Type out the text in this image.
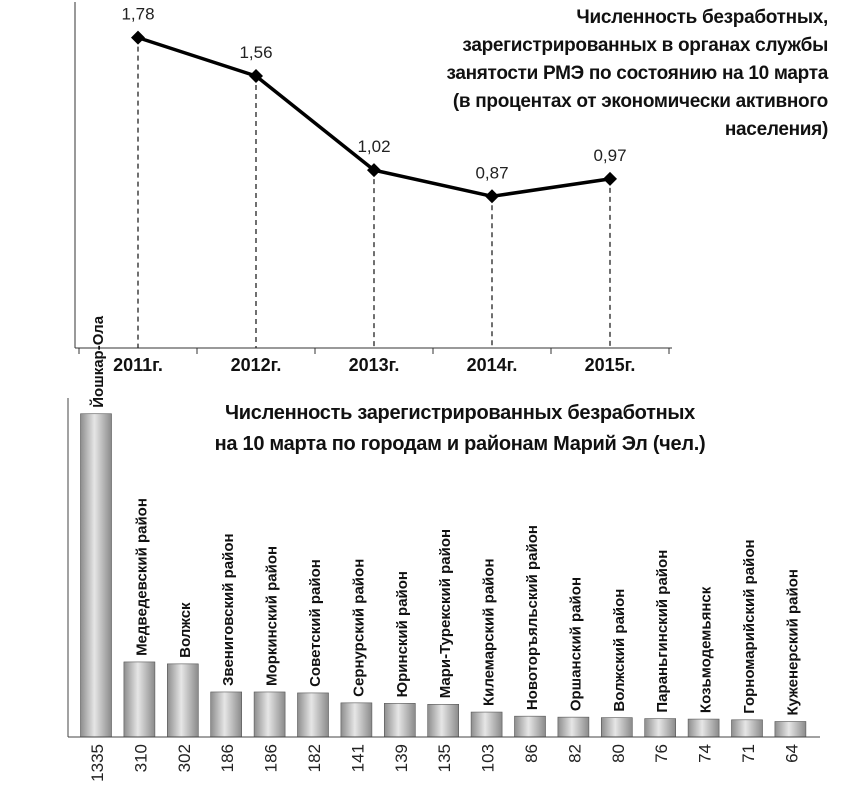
Численность безработных,
зарегистрированных в органах службы
занятости РМЭ по состоянию на 10 марта
(в процентах от экономически активного
населения)
Численность зарегистрированных безработных
на 10 марта по городам и районам Марий Эл (чел.)
2011г.	2012г.	2013г.	2014г.	2015г.
1,78
1,56
1,02
0,87
0,97
Йошкар-Ола
1335
Медведевский район
310
Волжск
302
Звениговский район
186
Моркинский район
186
Советский район
182
Сернурский район
141
Юринский район
139
Мари-Турекский район
135
Килемарский район
103
Новоторъяльский район
86
Оршанский район
82
Волжский район
80
Параньгинский район
76
Козьмодемьянск
74
Горномарийский район
71
Куженерский район
64
